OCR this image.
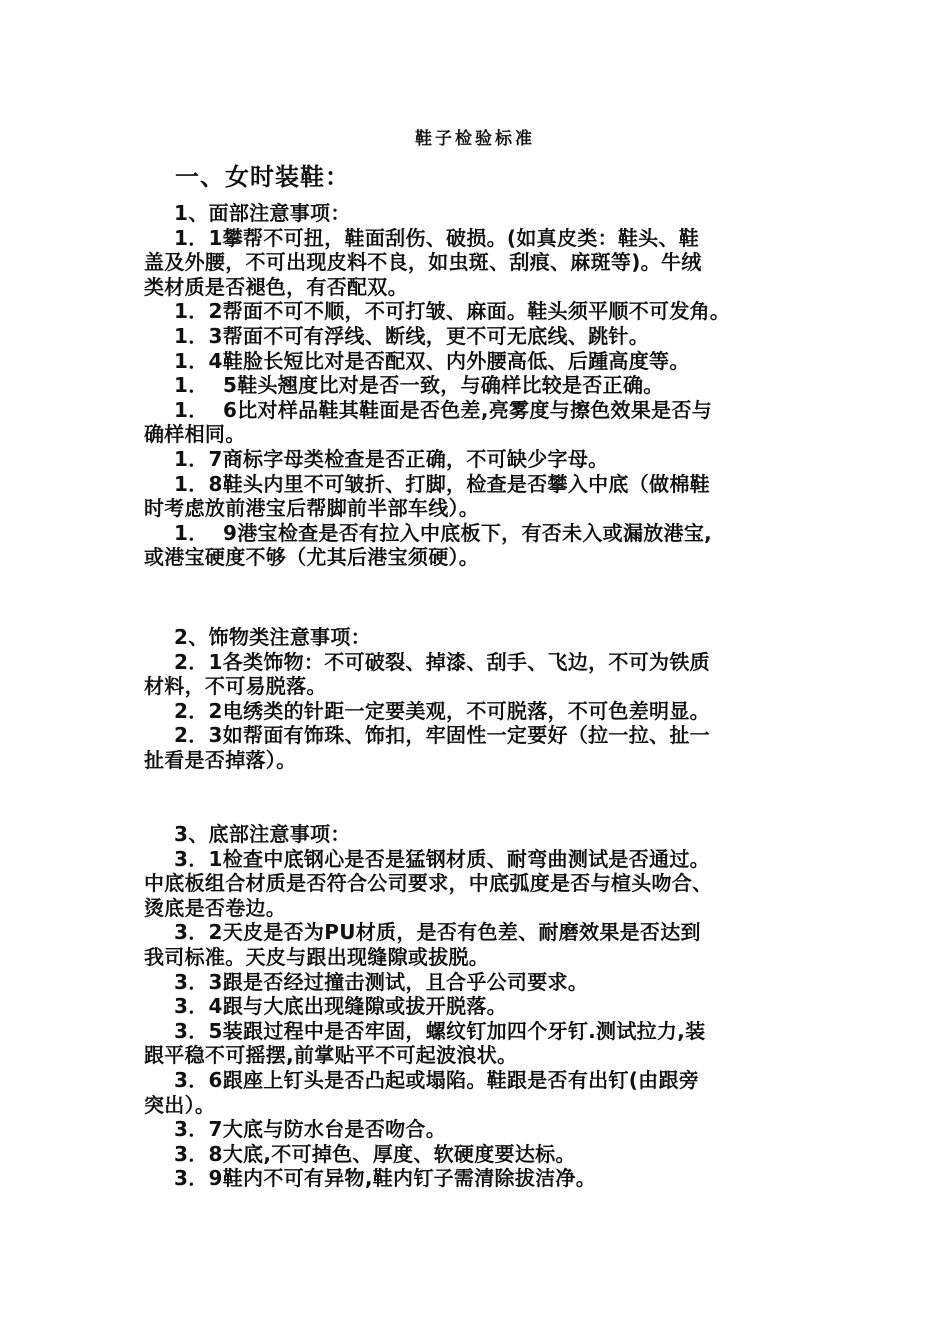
鞋子检验标准
一、女时装鞋：
1、面部注意事项：
1．1攀帮不可扭，鞋面刮伤、破损。(如真皮类：鞋头、鞋
盖及外腰，不可出现皮料不良，如虫斑、刮痕、麻斑等)。牛绒
类材质是否褪色，有否配双。
1．2帮面不可不顺，不可打皱、麻面。鞋头须平顺不可发角。
1．3帮面不可有浮线、断线，更不可无底线、跳针。
1．4鞋脸长短比对是否配双、内外腰高低、后踵高度等。
1．  5鞋头翘度比对是否一致，与确样比较是否正确。
1．  6比对样品鞋其鞋面是否色差,亮雾度与擦色效果是否与
确样相同。
1．7商标字母类检查是否正确，不可缺少字母。
1．8鞋头内里不可皱折、打脚，检查是否攀入中底（做棉鞋
时考虑放前港宝后帮脚前半部车线）。
1．  9港宝检查是否有拉入中底板下，有否未入或漏放港宝,
或港宝硬度不够（尤其后港宝须硬）。
2、饰物类注意事项：
2．1各类饰物：不可破裂、掉漆、刮手、飞边，不可为铁质
材料，不可易脱落。
2．2电绣类的针距一定要美观，不可脱落，不可色差明显。
2．3如帮面有饰珠、饰扣，牢固性一定要好（拉一拉、扯一
扯看是否掉落）。
3、底部注意事项：
3．1检查中底钢心是否是猛钢材质、耐弯曲测试是否通过。
中底板组合材质是否符合公司要求，中底弧度是否与楦头吻合、
烫底是否卷边。
3．2天皮是否为PU材质，是否有色差、耐磨效果是否达到
我司标准。天皮与跟出现缝隙或拔脱。
3．3跟是否经过撞击测试，且合乎公司要求。
3．4跟与大底出现缝隙或拔开脱落。
3．5装跟过程中是否牢固，螺纹钉加四个牙钉.测试拉力,装
跟平稳不可摇摆,前掌贴平不可起波浪状。
3．6跟座上钉头是否凸起或塌陷。鞋跟是否有出钉(由跟旁
突出）。
3．7大底与防水台是否吻合。
3．8大底,不可掉色、厚度、软硬度要达标。
3．9鞋内不可有异物,鞋内钉子需清除拔洁净。
